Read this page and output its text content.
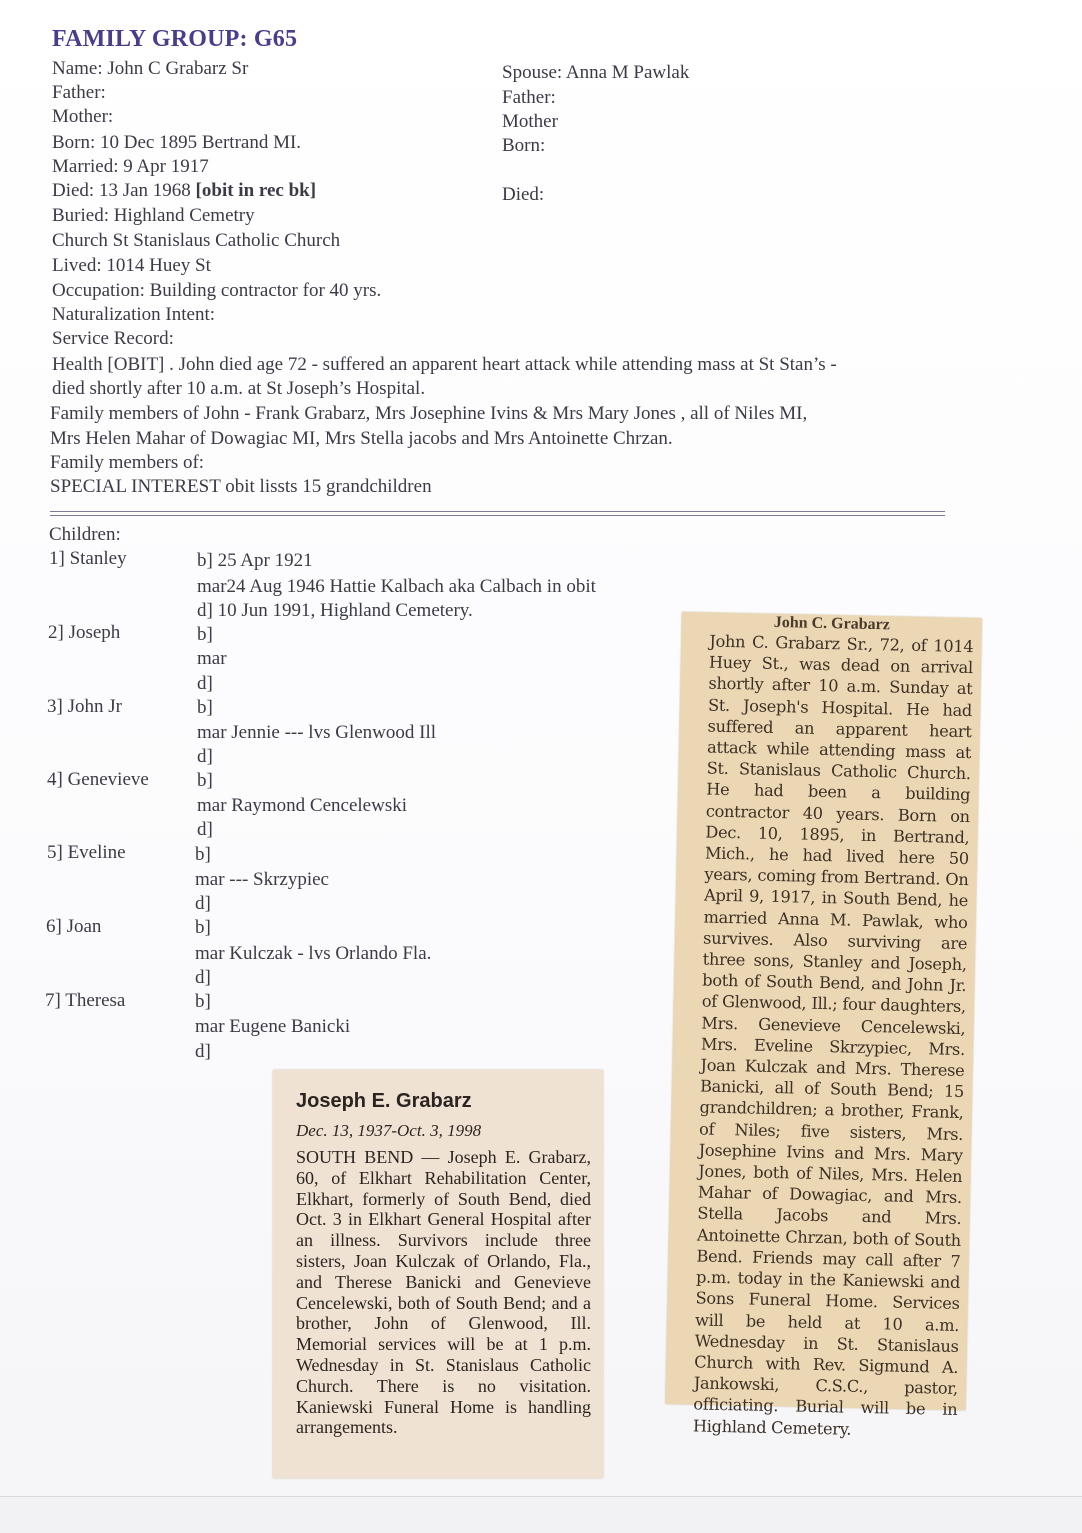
FAMILY GROUP: G65
Name: John C Grabarz Sr
Father:
Mother:
Born: 10 Dec 1895 Bertrand MI.
Married: 9 Apr 1917
Died: 13 Jan 1968 [obit in rec bk]
Buried: Highland Cemetry
Church St Stanislaus Catholic Church
Lived: 1014 Huey St
Occupation: Building contractor for 40 yrs.
Naturalization Intent:
Service Record:
Health [OBIT] . John died age 72 - suffered an apparent heart attack while attending mass at St Stan’s -
died shortly after 10 a.m. at St Joseph’s Hospital.
Family members of John - Frank Grabarz, Mrs Josephine Ivins & Mrs Mary Jones , all of Niles MI,
Mrs Helen Mahar of Dowagiac MI, Mrs Stella jacobs and Mrs Antoinette Chrzan.
Family members of:
SPECIAL INTEREST obit lissts 15 grandchildren
Spouse: Anna M Pawlak
Father:
Mother
Born:
Died:
Children:
1] Stanley	b] 25 Apr 1921
mar24 Aug 1946 Hattie Kalbach aka Calbach in obit
d] 10 Jun 1991, Highland Cemetery.
2] Joseph	b]
mar
d]
3] John Jr	b]
mar Jennie --- lvs Glenwood Ill
d]
4] Genevieve	b]
mar Raymond Cencelewski
d]
5] Eveline	b]
mar --- Skrzypiec
d]
6] Joan	b]
mar Kulczak - lvs Orlando Fla.
d]
7] Theresa	b]
mar Eugene Banicki
d]
John C. Grabarz
John C. Grabarz Sr., 72, of 1014 Huey St., was dead on arrival shortly after 10 a.m. Sunday at St. Joseph's Hospital. He had suffered an apparent heart attack while attending mass at St. Stanislaus Catholic Church. He had been a building contractor 40 years. Born on Dec. 10, 1895, in Bertrand, Mich., he had lived here 50 years, coming from Bertrand. On April 9, 1917, in South Bend, he married Anna M. Pawlak, who survives. Also surviving are three sons, Stanley and Joseph, both of South Bend, and John Jr. of Glenwood, Ill.; four daughters, Mrs. Genevieve Cencelewski, Mrs. Eveline Skrzypiec, Mrs. Joan Kulczak and Mrs. Therese Banicki, all of South Bend; 15 grandchildren; a brother, Frank, of Niles; five sisters, Mrs. Josephine Ivins and Mrs. Mary Jones, both of Niles, Mrs. Helen Mahar of Dowagiac, and Mrs. Stella Jacobs and Mrs. Antoinette Chrzan, both of South Bend. Friends may call after 7 p.m. today in the Kaniewski and Sons Funeral Home. Services will be held at 10 a.m. Wednesday in St. Stanislaus Church with Rev. Sigmund A. Jankowski, C.S.C., pastor, officiating. Burial will be in Highland Cemetery.
Joseph E. Grabarz
Dec. 13, 1937-Oct. 3, 1998
SOUTH BEND — Joseph E. Grabarz, 60, of Elkhart Rehabilitation Center, Elkhart, formerly of South Bend, died Oct. 3 in Elkhart General Hospital after an illness. Survivors include three sisters, Joan Kulczak of Orlando, Fla., and Therese Banicki and Genevieve Cencelewski, both of South Bend; and a brother, John of Glenwood, Ill. Memorial services will be at 1 p.m. Wednesday in St. Stanislaus Catholic Church. There is no visitation. Kaniewski Funeral Home is handling arrangements.
